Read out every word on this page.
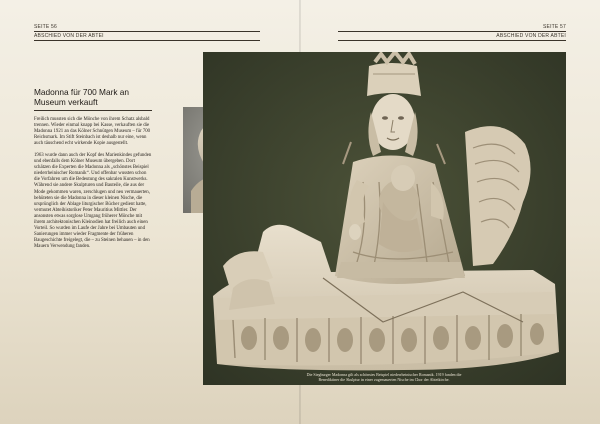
SEITE 56
ABSCHIED VON DER ABTEI
SEITE 57
ABSCHIED VON DER ABTEI
Madonna für 700 Mark an Museum verkauft

Freilich mussten sich die Mönche von ihrem Schatz alsbald trennen. Wieder einmal knapp bei Kasse, verkauften sie die Madonna 1921 an das Kölner Schnütgen Museum – für 700 Reichsmark. Im Stift Steinbach ist deshalb nur eine, wenn auch täuschend echt wirkende Kopie ausgestellt.

1963 wurde dann auch der Kopf des Marienkindes gefunden und ebenfalls dem Kölner Museum übergeben. Dort schätzen die Experten die Madonna als „schönstes Beispiel niederrheinischer Romanik“. Und offenbar wussten schon die Vorfahren um die Bedeutung des sakralen Kunstwerks. Während sie andere Skulpturen und Bauteile, die aus der Mode gekommen waren, zerschlugen und neu vermauerten, behüteten sie die Madonna in dieser kleinen Nische, die ursprünglich der Ablage liturgischer Bücher gedient hatte, vermutet Abteihistoriker Peter Mauritius Mittler. Der ansonsten etwas sorglose Umgang früherer Mönche mit ihrem architektonischen Kleinodien hat freilich auch einen Vorteil. So wurden im Laufe der Jahre bei Umbauten und Sanierungen immer wieder Fragmente der früheren Baugeschichte freigelegt, die – zu Steinen behauen – in den Mauern Verwendung fanden.

Die Siegburger Madonna gilt als schönstes Beispiel niederrheinischer Romanik. 1919 fanden die Benediktiner die Skulptur in einer zugemauerten Nische im Chor der Abteikirche.
